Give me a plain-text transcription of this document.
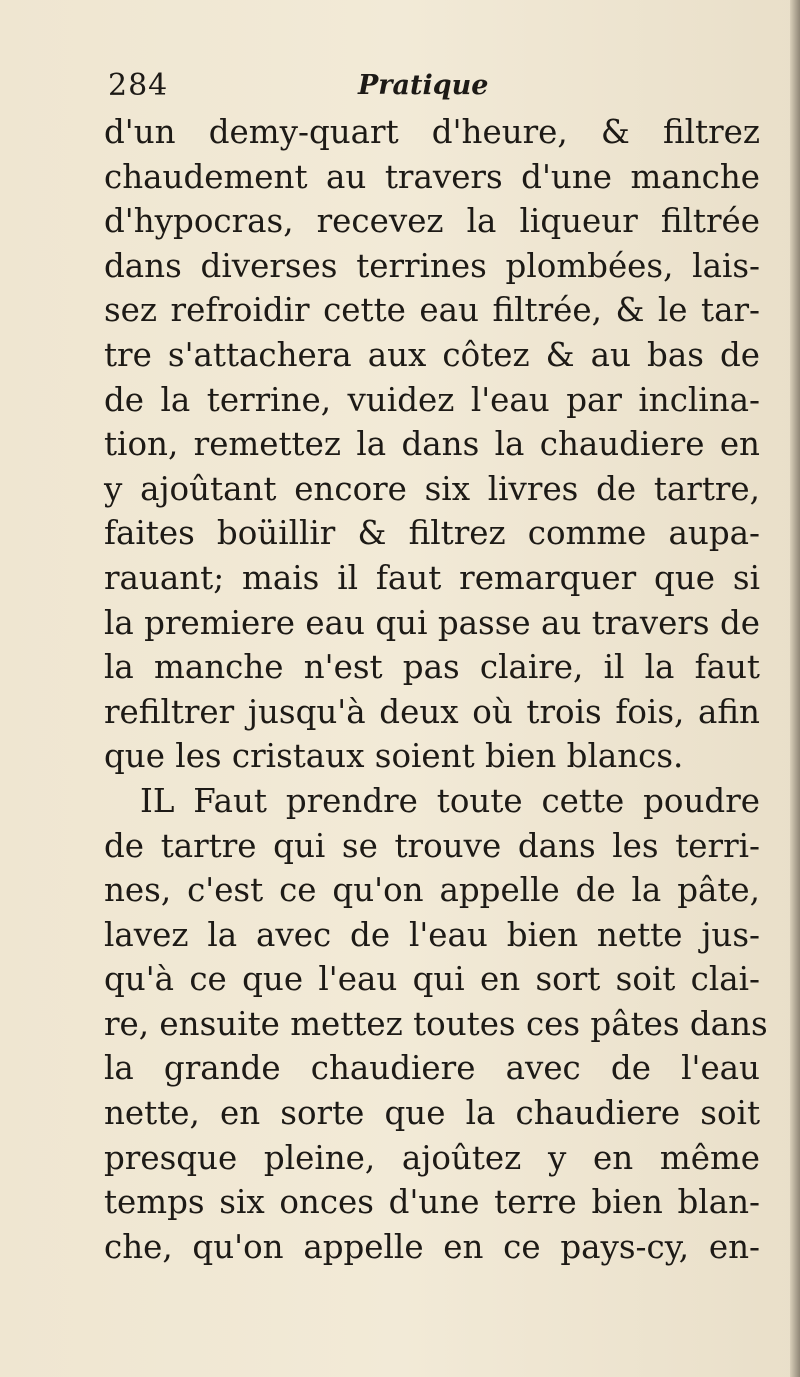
284	Pratique
d'un demy-quart d'heure, & filtrez
chaudement au travers d'une manche
d'hypocras, recevez la liqueur filtrée
dans diverses terrines plombées, lais-
sez refroidir cette eau filtrée, & le tar-
tre s'attachera aux côtez & au bas de
de la terrine, vuidez l'eau par inclina-
tion, remettez la dans la chaudiere en
y ajoûtant encore six livres de tartre,
faites boüillir & filtrez comme aupa-
rauant; mais il faut remarquer que si
la premiere eau qui passe au travers de
la manche n'est pas claire, il la faut
refiltrer jusqu'à deux où trois fois, afin
que les cristaux soient bien blancs.
IL Faut prendre toute cette poudre
de tartre qui se trouve dans les terri-
nes, c'est ce qu'on appelle de la pâte,
lavez la avec de l'eau bien nette jus-
qu'à ce que l'eau qui en sort soit clai-
re, ensuite mettez toutes ces pâtes dans
la grande chaudiere avec de l'eau
nette, en sorte que la chaudiere soit
presque pleine, ajoûtez y en même
temps six onces d'une terre bien blan-
che, qu'on appelle en ce pays-cy, en-
